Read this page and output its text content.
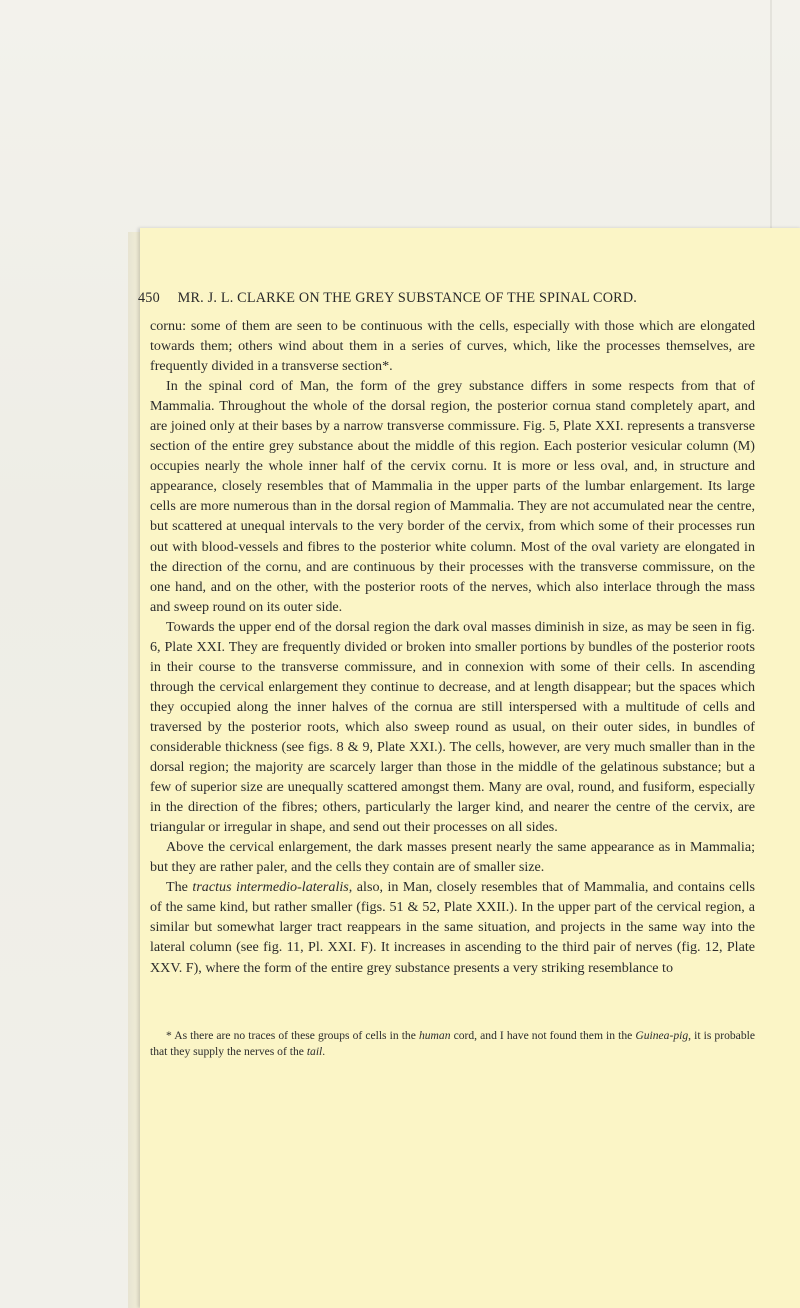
450 MR. J. L. CLARKE ON THE GREY SUBSTANCE OF THE SPINAL CORD.

cornu: some of them are seen to be continuous with the cells, especially with those which are elongated towards them; others wind about them in a series of curves, which, like the processes themselves, are frequently divided in a transverse section*.

In the spinal cord of Man, the form of the grey substance differs in some respects from that of Mammalia. Throughout the whole of the dorsal region, the posterior cornua stand completely apart, and are joined only at their bases by a narrow transverse commissure. Fig. 5, Plate XXI. represents a transverse section of the entire grey substance about the middle of this region. Each posterior vesicular column (M) occupies nearly the whole inner half of the cervix cornu. It is more or less oval, and, in structure and appearance, closely resembles that of Mammalia in the upper parts of the lumbar enlargement. Its large cells are more numerous than in the dorsal region of Mammalia. They are not accumulated near the centre, but scattered at unequal intervals to the very border of the cervix, from which some of their processes run out with blood-vessels and fibres to the posterior white column. Most of the oval variety are elongated in the direction of the cornu, and are continuous by their processes with the transverse commissure, on the one hand, and on the other, with the posterior roots of the nerves, which also interlace through the mass and sweep round on its outer side.

Towards the upper end of the dorsal region the dark oval masses diminish in size, as may be seen in fig. 6, Plate XXI. They are frequently divided or broken into smaller portions by bundles of the posterior roots in their course to the transverse commissure, and in connexion with some of their cells. In ascending through the cervical enlargement they continue to decrease, and at length disappear; but the spaces which they occupied along the inner halves of the cornua are still interspersed with a multitude of cells and traversed by the posterior roots, which also sweep round as usual, on their outer sides, in bundles of considerable thickness (see figs. 8 & 9, Plate XXI.). The cells, however, are very much smaller than in the dorsal region; the majority are scarcely larger than those in the middle of the gelatinous substance; but a few of superior size are unequally scattered amongst them. Many are oval, round, and fusiform, especially in the direction of the fibres; others, particularly the larger kind, and nearer the centre of the cervix, are triangular or irregular in shape, and send out their processes on all sides.

Above the cervical enlargement, the dark masses present nearly the same appearance as in Mammalia; but they are rather paler, and the cells they contain are of smaller size.

The tractus intermedio-lateralis, also, in Man, closely resembles that of Mammalia, and contains cells of the same kind, but rather smaller (figs. 51 & 52, Plate XXII.). In the upper part of the cervical region, a similar but somewhat larger tract reappears in the same situation, and projects in the same way into the lateral column (see fig. 11, Pl. XXI. F). It increases in ascending to the third pair of nerves (fig. 12, Plate XXV. F), where the form of the entire grey substance presents a very striking resemblance to

* As there are no traces of these groups of cells in the human cord, and I have not found them in the Guinea-pig, it is probable that they supply the nerves of the tail.
